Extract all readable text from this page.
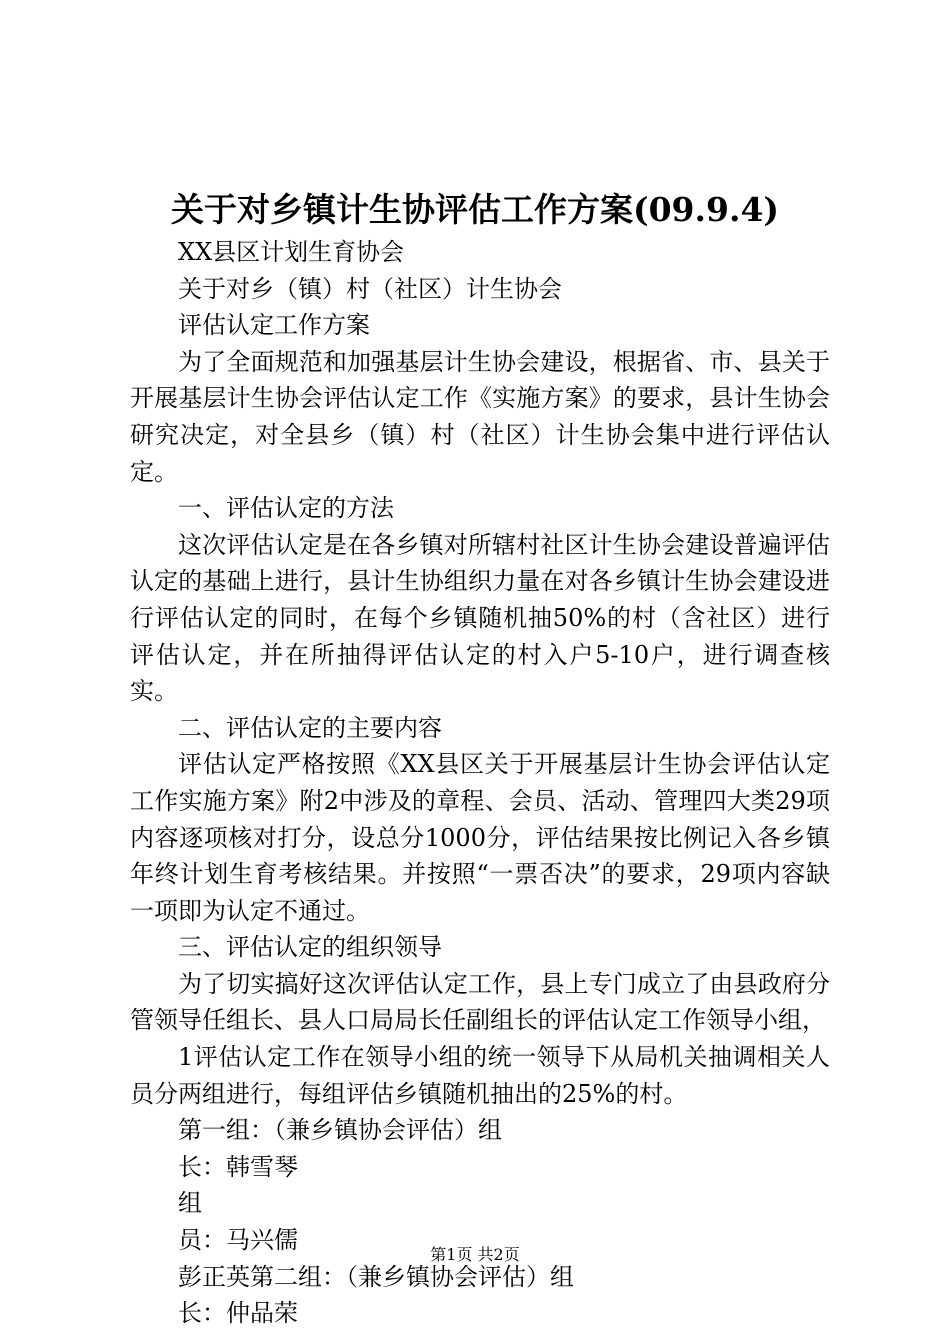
关于对乡镇计生协评估工作方案(09.9.4)
XX县区计划生育协会
关于对乡（镇）村（社区）计生协会
评估认定工作方案
为了全面规范和加强基层计生协会建设，根据省、市、县关于开展基层计生协会评估认定工作《实施方案》的要求，县计生协会研究决定，对全县乡（镇）村（社区）计生协会集中进行评估认定。
一、评估认定的方法
这次评估认定是在各乡镇对所辖村社区计生协会建设普遍评估认定的基础上进行，县计生协组织力量在对各乡镇计生协会建设进行评估认定的同时，在每个乡镇随机抽50%的村（含社区）进行评估认定，并在所抽得评估认定的村入户5-10户，进行调查核实。
二、评估认定的主要内容
评估认定严格按照《XX县区关于开展基层计生协会评估认定工作实施方案》附2中涉及的章程、会员、活动、管理四大类29项内容逐项核对打分，设总分1000分，评估结果按比例记入各乡镇年终计划生育考核结果。并按照“一票否决”的要求，29项内容缺一项即为认定不通过。
三、评估认定的组织领导
为了切实搞好这次评估认定工作，县上专门成立了由县政府分管领导任组长、县人口局局长任副组长的评估认定工作领导小组，
1评估认定工作在领导小组的统一领导下从局机关抽调相关人员分两组进行，每组评估乡镇随机抽出的25%的村。
第一组：（兼乡镇协会评估）组
长：韩雪琴
组
员：马兴儒
彭正英第二组：（兼乡镇协会评估）组
长：仲品荣
第1页 共2页
